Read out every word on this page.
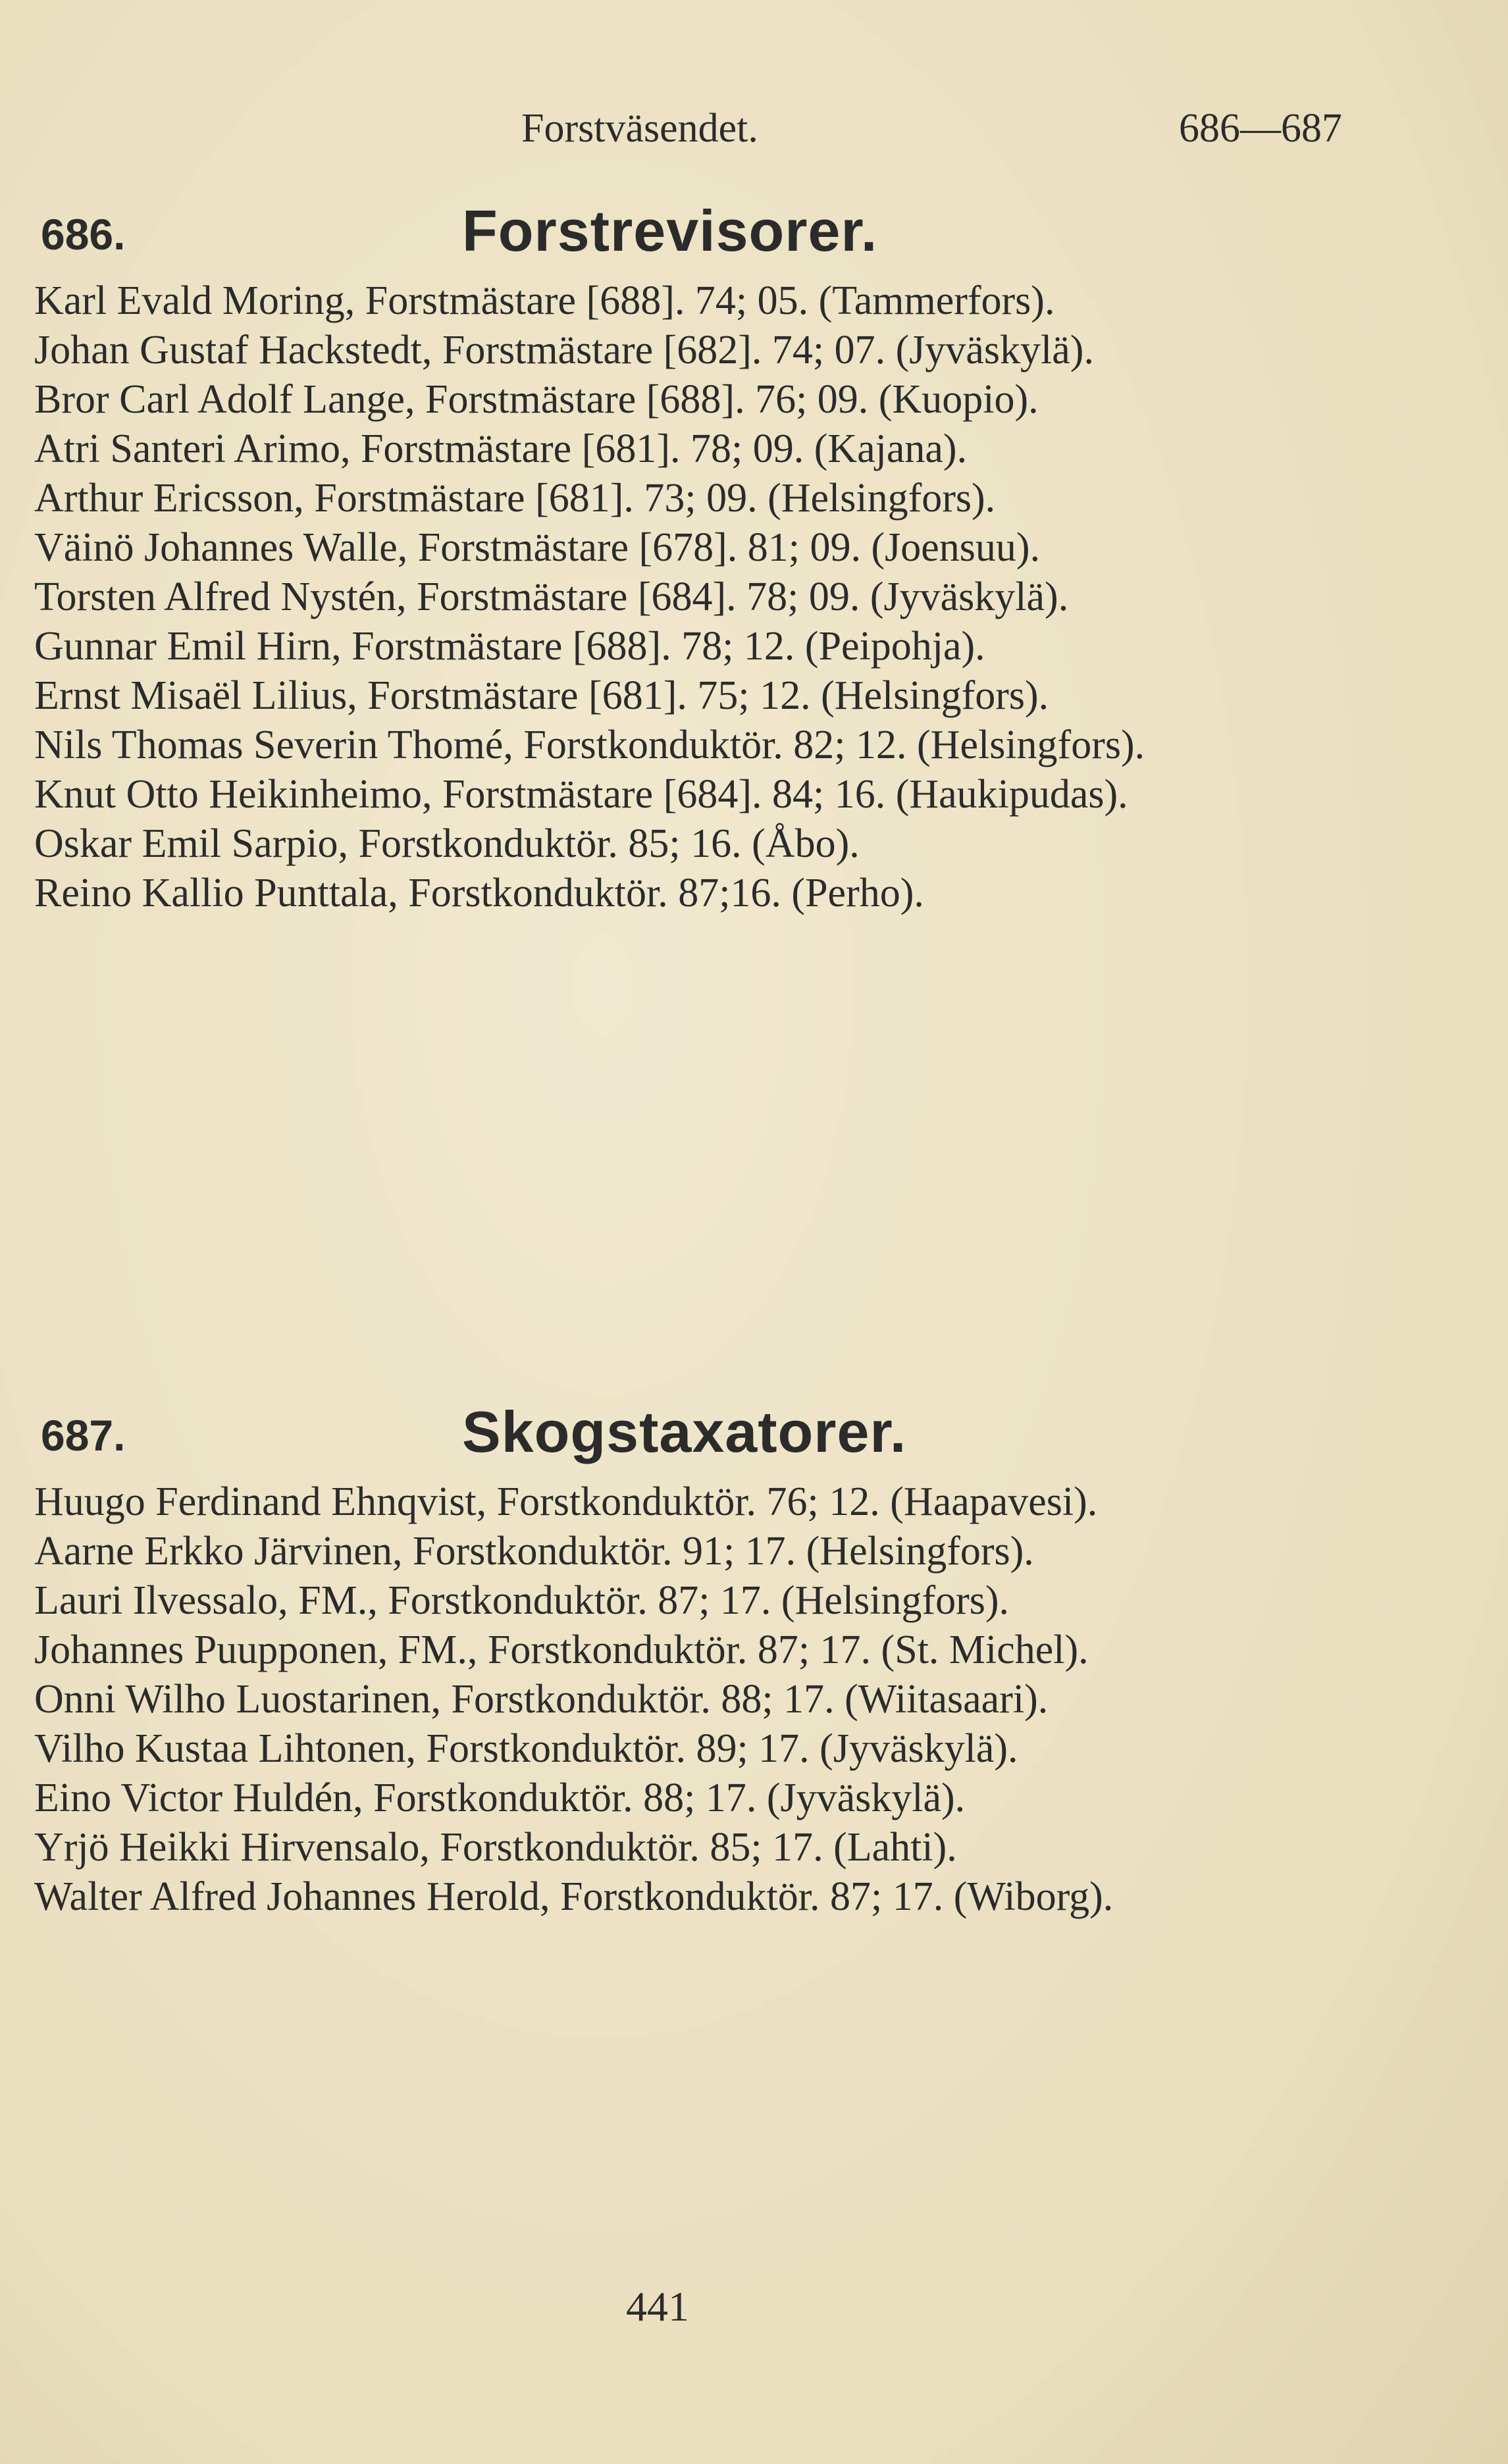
Forstväsendet.	686—687
686.	Forstrevisorer.
Karl Evald Moring, Forstmästare [688]. 74; 05. (Tammerfors).
Johan Gustaf Hackstedt, Forstmästare [682]. 74; 07. (Jyväskylä).
Bror Carl Adolf Lange, Forstmästare [688]. 76; 09. (Kuopio).
Atri Santeri Arimo, Forstmästare [681]. 78; 09. (Kajana).
Arthur Ericsson, Forstmästare [681]. 73; 09. (Helsingfors).
Väinö Johannes Walle, Forstmästare [678]. 81; 09. (Joensuu).
Torsten Alfred Nystén, Forstmästare [684]. 78; 09. (Jyväskylä).
Gunnar Emil Hirn, Forstmästare [688]. 78; 12. (Peipohja).
Ernst Misaël Lilius, Forstmästare [681]. 75; 12. (Helsingfors).
Nils Thomas Severin Thomé, Forstkonduktör. 82; 12. (Helsingfors).
Knut Otto Heikinheimo, Forstmästare [684]. 84; 16. (Haukipudas).
Oskar Emil Sarpio, Forstkonduktör. 85; 16. (Åbo).
Reino Kallio Punttala, Forstkonduktör. 87;16. (Perho).
687.	Skogstaxatorer.
Huugo Ferdinand Ehnqvist, Forstkonduktör. 76; 12. (Haapavesi).
Aarne Erkko Järvinen, Forstkonduktör. 91; 17. (Helsingfors).
Lauri Ilvessalo, FM., Forstkonduktör. 87; 17. (Helsingfors).
Johannes Puupponen, FM., Forstkonduktör. 87; 17. (St. Michel).
Onni Wilho Luostarinen, Forstkonduktör. 88; 17. (Wiitasaari).
Vilho Kustaa Lihtonen, Forstkonduktör. 89; 17. (Jyväskylä).
Eino Victor Huldén, Forstkonduktör. 88; 17. (Jyväskylä).
Yrjö Heikki Hirvensalo, Forstkonduktör. 85; 17. (Lahti).
Walter Alfred Johannes Herold, Forstkonduktör. 87; 17. (Wiborg).
441
